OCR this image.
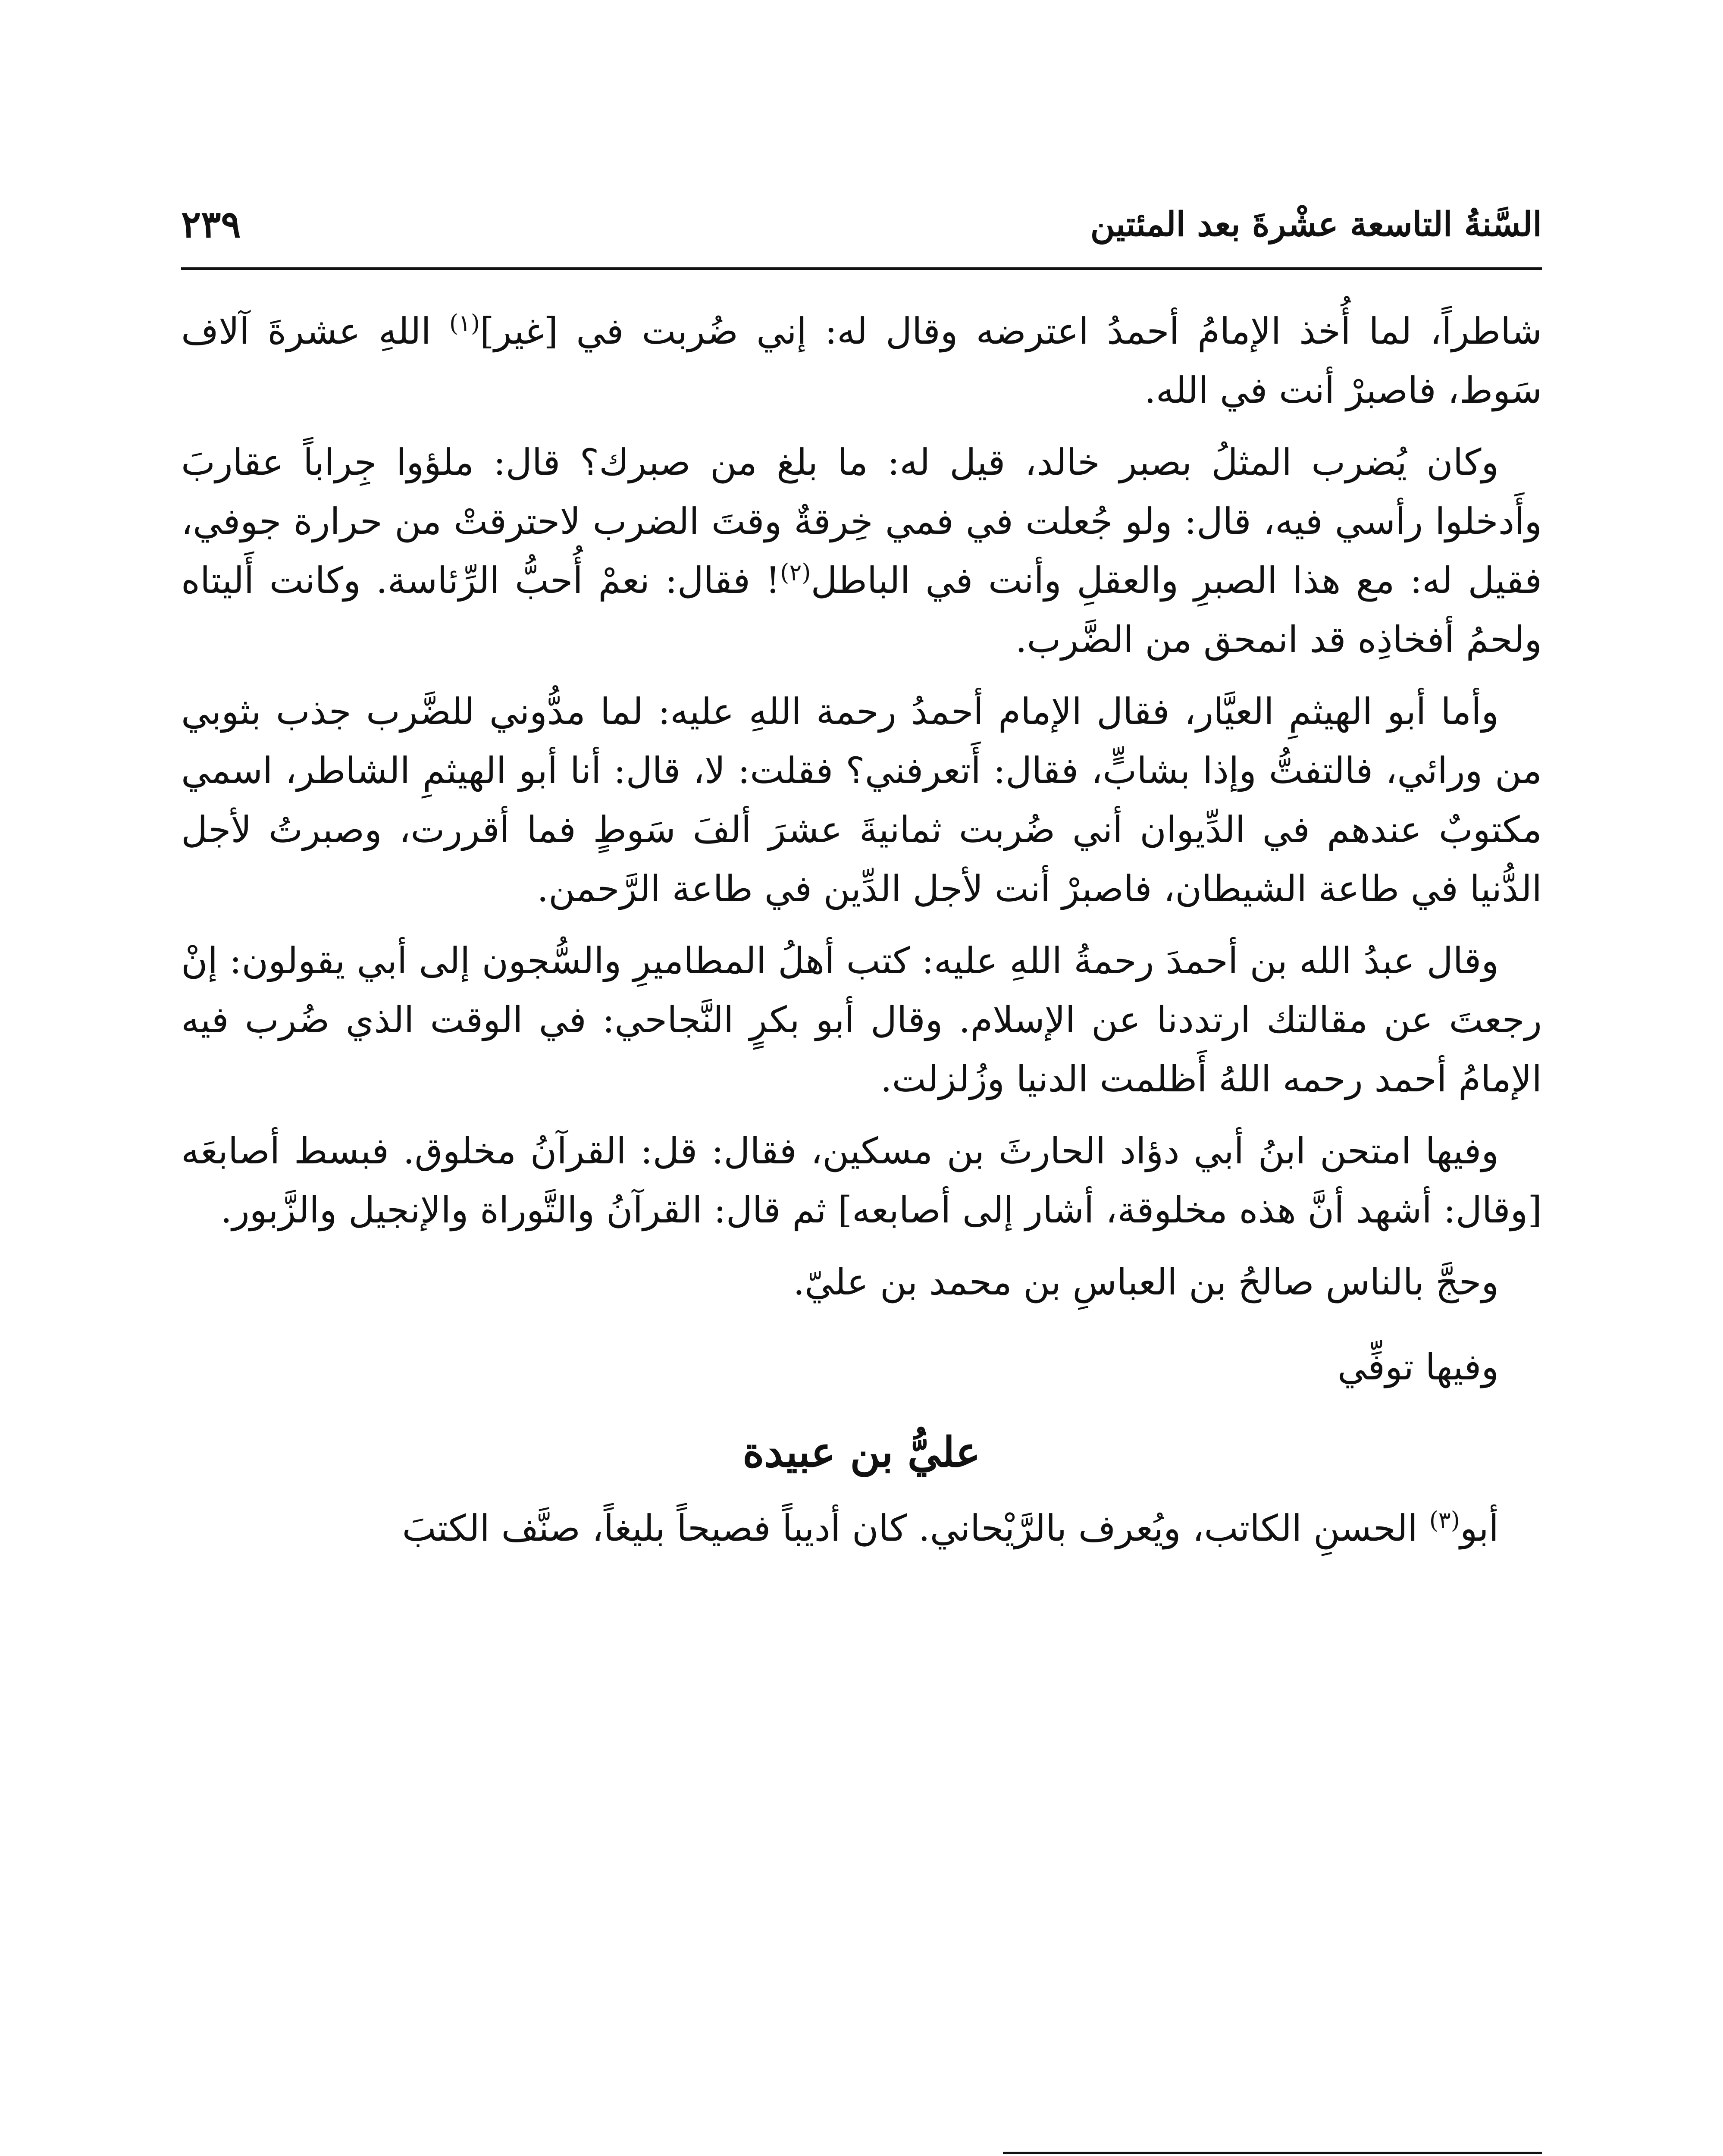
السَّنةُ التاسعة عشْرةَ بعد المئتين
٢٣٩

شاطراً، لما أُخذ الإمامُ أحمدُ اعترضه وقال له: إني ضُربت في [غير]$^{(١)}$ اللهِ عشرةَ آلاف سَوط، فاصبرْ أنت في الله.

وكان يُضرب المثلُ بصبر خالد، قيل له: ما بلغ من صبرك؟ قال: ملؤوا جِراباً عقاربَ وأَدخلوا رأسي فيه، قال: ولو جُعلت في فمي خِرقةٌ وقتَ الضرب لاحترقتْ من حرارة جوفي، فقيل له: مع هذا الصبرِ والعقلِ وأنت في الباطل$^{(٢)}$! فقال: نعمْ أُحبُّ الرِّئاسة. وكانت أَليتاه ولحمُ أفخاذِه قد انمحق من الضَّرب.

وأما أبو الهيثمِ العيَّار، فقال الإمام أحمدُ رحمة اللهِ عليه: لما مدُّوني للضَّرب جذب بثوبي من ورائي، فالتفتُّ وإذا بشابٍّ، فقال: أَتعرفني؟ فقلت: لا، قال: أنا أبو الهيثمِ الشاطر، اسمي مكتوبٌ عندهم في الدِّيوان أني ضُربت ثمانيةَ عشرَ ألفَ سَوطٍ فما أقررت، وصبرتُ لأجل الدُّنيا في طاعة الشيطان، فاصبرْ أنت لأجل الدِّين في طاعة الرَّحمن.

وقال عبدُ الله بن أحمدَ رحمةُ اللهِ عليه: كتب أهلُ المطاميرِ والسُّجون إلى أبي يقولون: إنْ رجعتَ عن مقالتك ارتددنا عن الإسلام. وقال أبو بكرٍ النَّجاحي: في الوقت الذي ضُرب فيه الإمامُ أحمد رحمه اللهُ أَظلمت الدنيا وزُلزلت.

وفيها امتحن ابنُ أبي دؤاد الحارثَ بن مسكين، فقال: قل: القرآنُ مخلوق. فبسط أصابعَه [وقال: أشهد أنَّ هذه مخلوقة، أشار إلى أصابعه] ثم قال: القرآنُ والتَّوراة والإنجيل والزَّبور.

وحجَّ بالناس صالحُ بن العباسِ بن محمد بن عليّ.

وفيها توفِّي

عليُّ بن عبيدة

أبو$^{(٣)}$ الحسنِ الكاتب، ويُعرف بالرَّيْحاني. كان أديباً فصيحاً بليغاً، صنَّف الكتبَ
